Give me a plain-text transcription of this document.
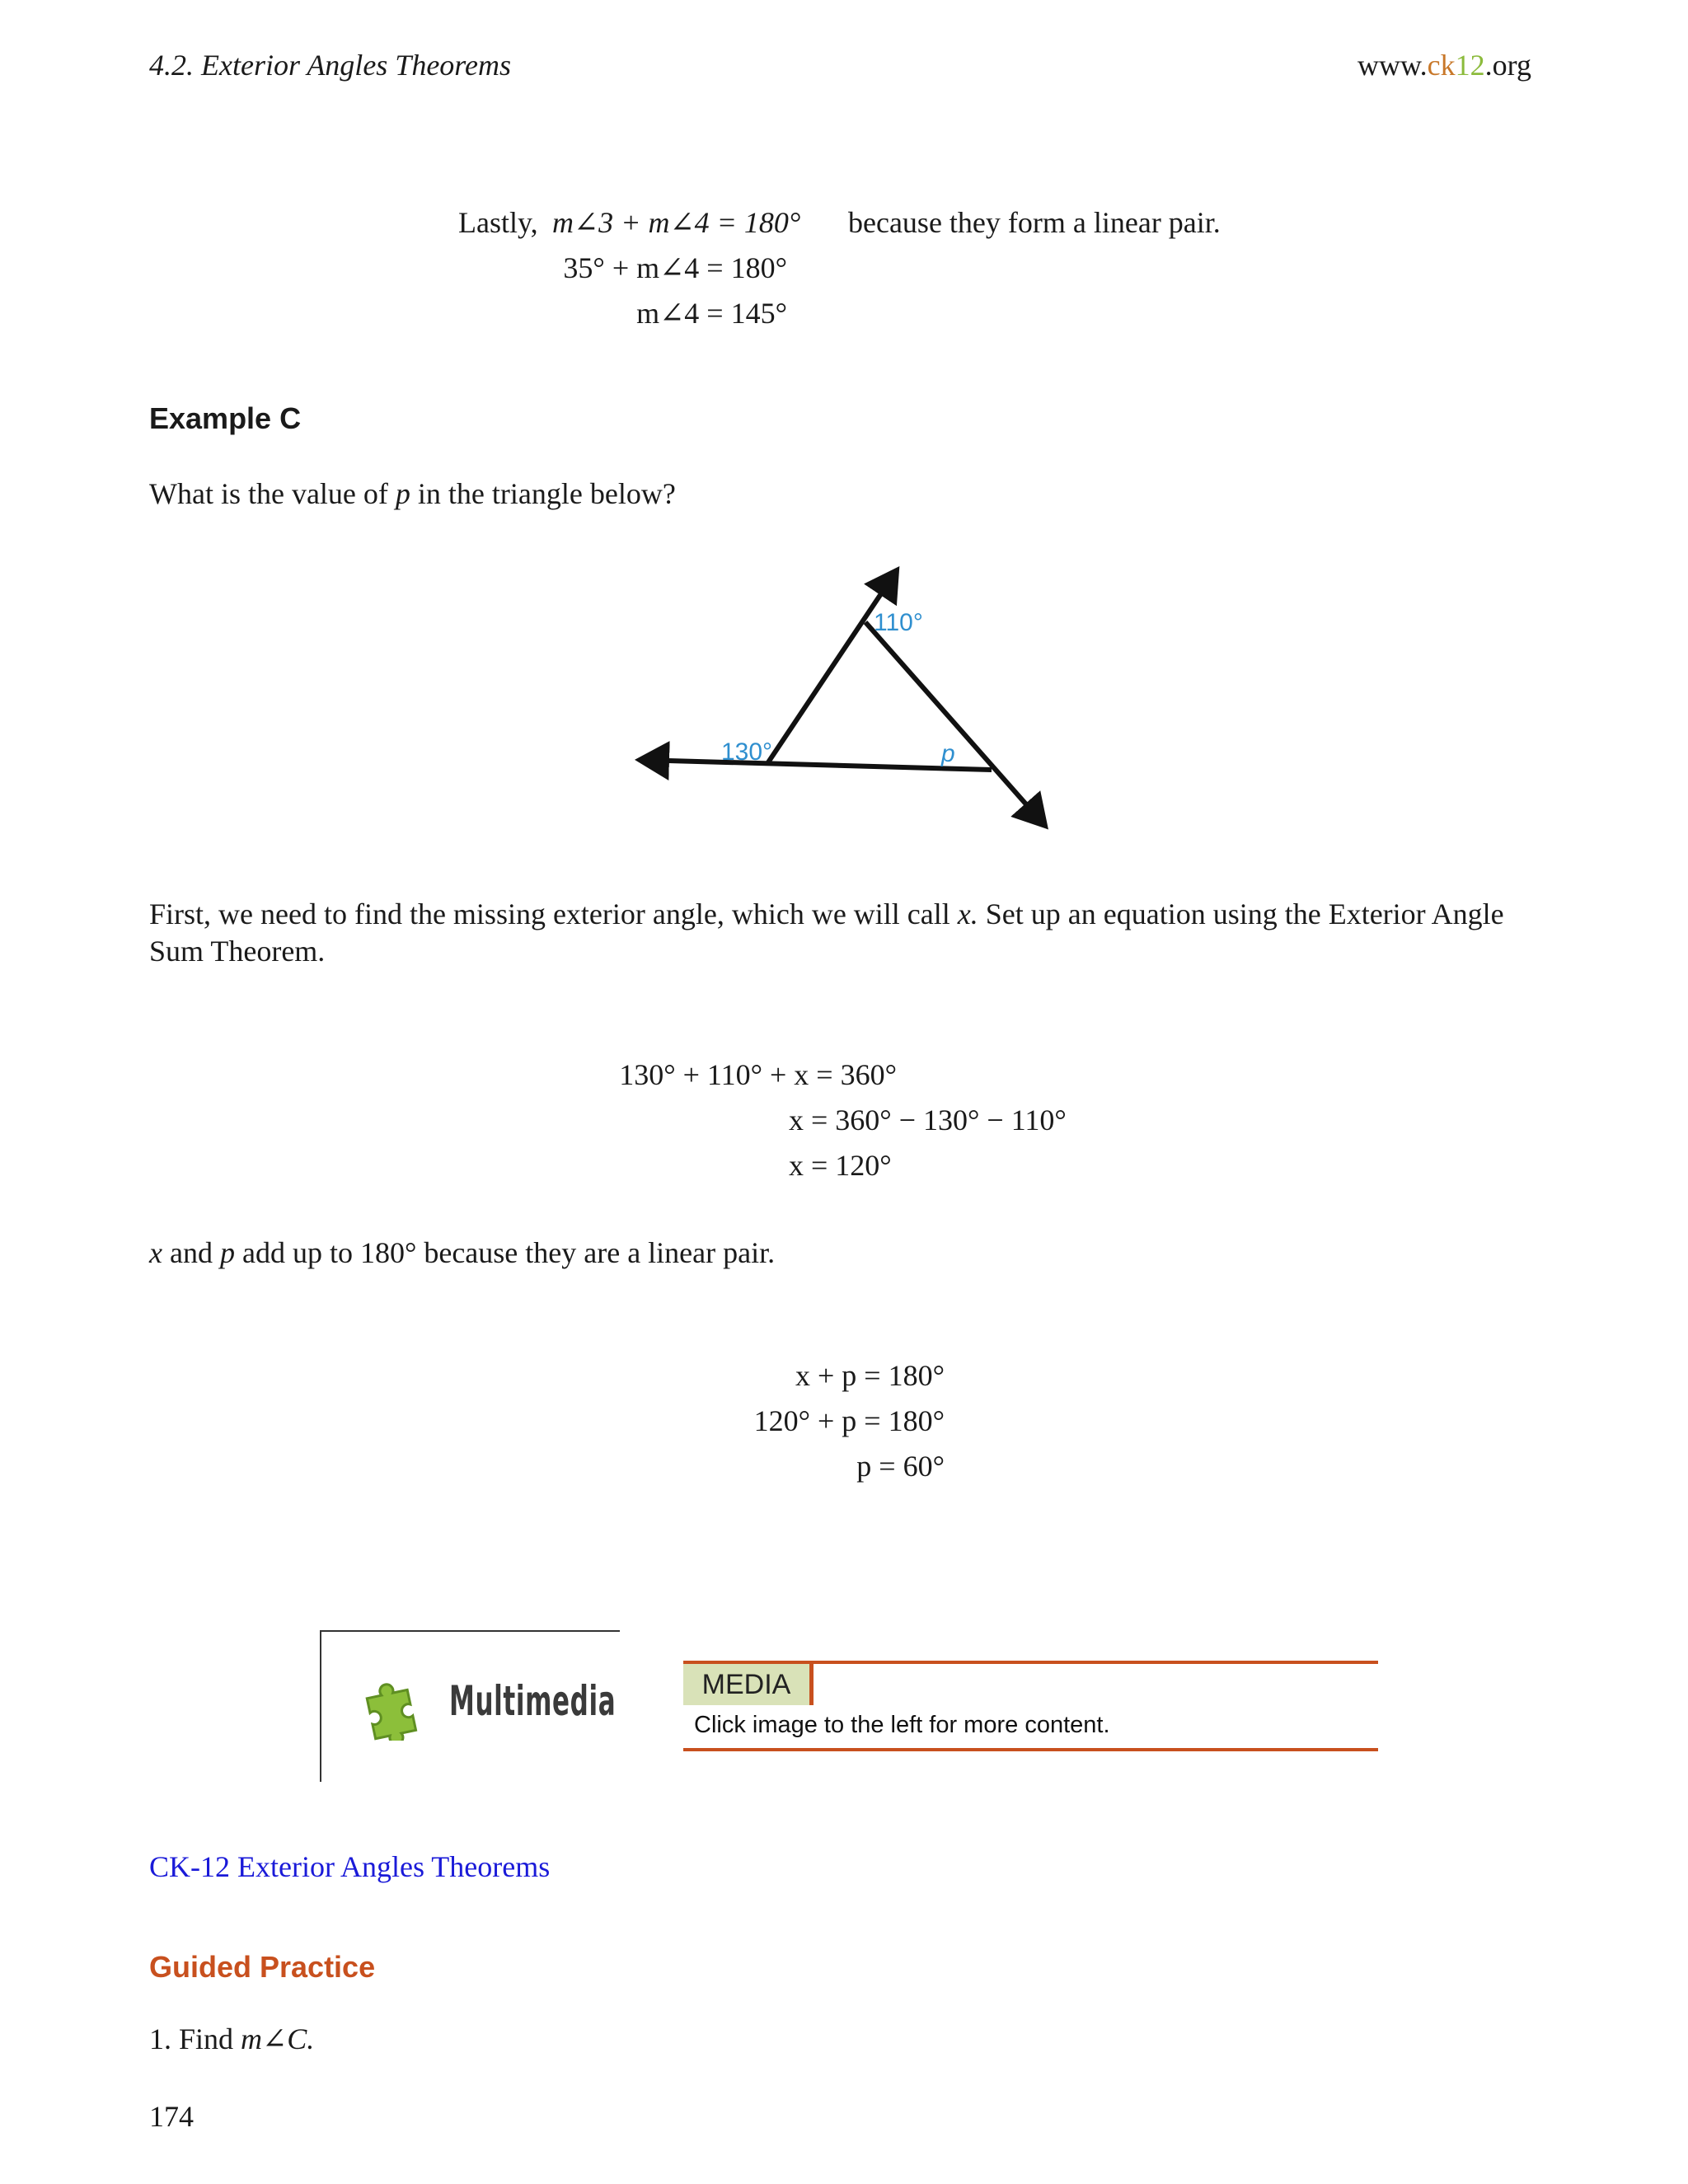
4.2. Exterior Angles Theorems	www.ck12.org
Lastly, m∠3 + m∠4 = 180° because they form a linear pair.
35° + m∠4 = 180°
m∠4 = 145°
Example C
What is the value of p in the triangle below?
110°
130°	p
First, we need to find the missing exterior angle, which we will call x. Set up an equation using the Exterior Angle
Sum Theorem.
130° + 110° + x = 360°
x = 360° − 130° − 110°
x = 120°
x and p add up to 180° because they are a linear pair.
x + p = 180°
120° + p = 180°
p = 60°
Multimedia	MEDIA
Click image to the left for more content.
CK-12 Exterior Angles Theorems
Guided Practice
1. Find m∠C.
174
